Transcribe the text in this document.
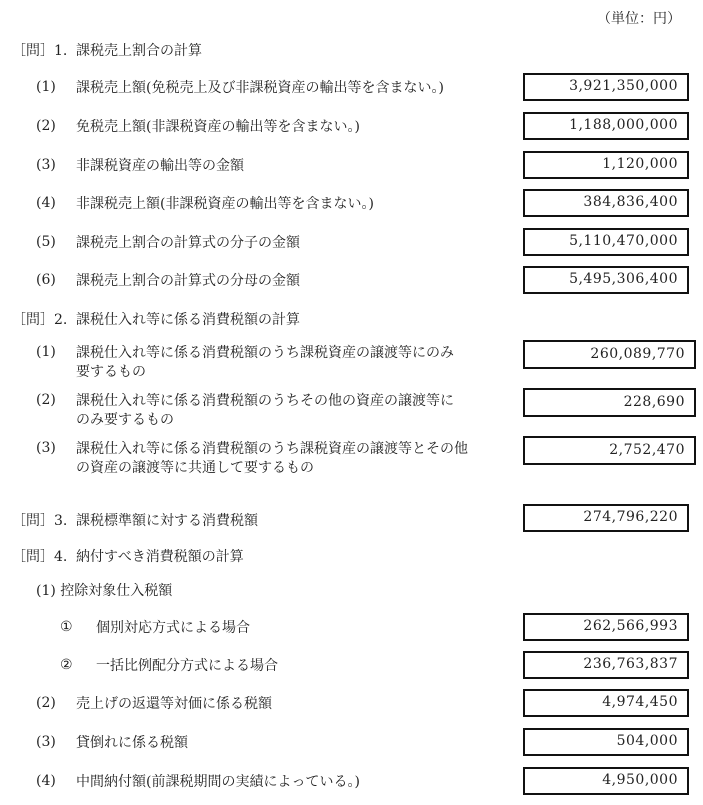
（単位：円）
［問］1. 課税売上割合の計算
(1) 課税売上額(免税売上及び非課税資産の輸出等を含まない。)	3,921,350,000
(2) 免税売上額(非課税資産の輸出等を含まない。)	1,188,000,000
(3) 非課税資産の輸出等の金額	1,120,000
(4) 非課税売上額(非課税資産の輸出等を含まない。)	384,836,400
(5) 課税売上割合の計算式の分子の金額	5,110,470,000
(6) 課税売上割合の計算式の分母の金額	5,495,306,400
［問］2. 課税仕入れ等に係る消費税額の計算
(1) 課税仕入れ等に係る消費税額のうち課税資産の譲渡等にのみ
要するもの
260,089,770
(2) 課税仕入れ等に係る消費税額のうちその他の資産の譲渡等に
のみ要するもの
228,690
(3) 課税仕入れ等に係る消費税額のうち課税資産の譲渡等とその他
の資産の譲渡等に共通して要するもの
2,752,470
［問］3. 課税標準額に対する消費税額	274,796,220
［問］4. 納付すべき消費税額の計算
(1) 控除対象仕入税額
① 個別対応方式による場合	262,566,993
② 一括比例配分方式による場合	236,763,837
(2) 売上げの返還等対価に係る税額	4,974,450
(3) 貸倒れに係る税額	504,000
(4) 中間納付額(前課税期間の実績によっている。)	4,950,000
